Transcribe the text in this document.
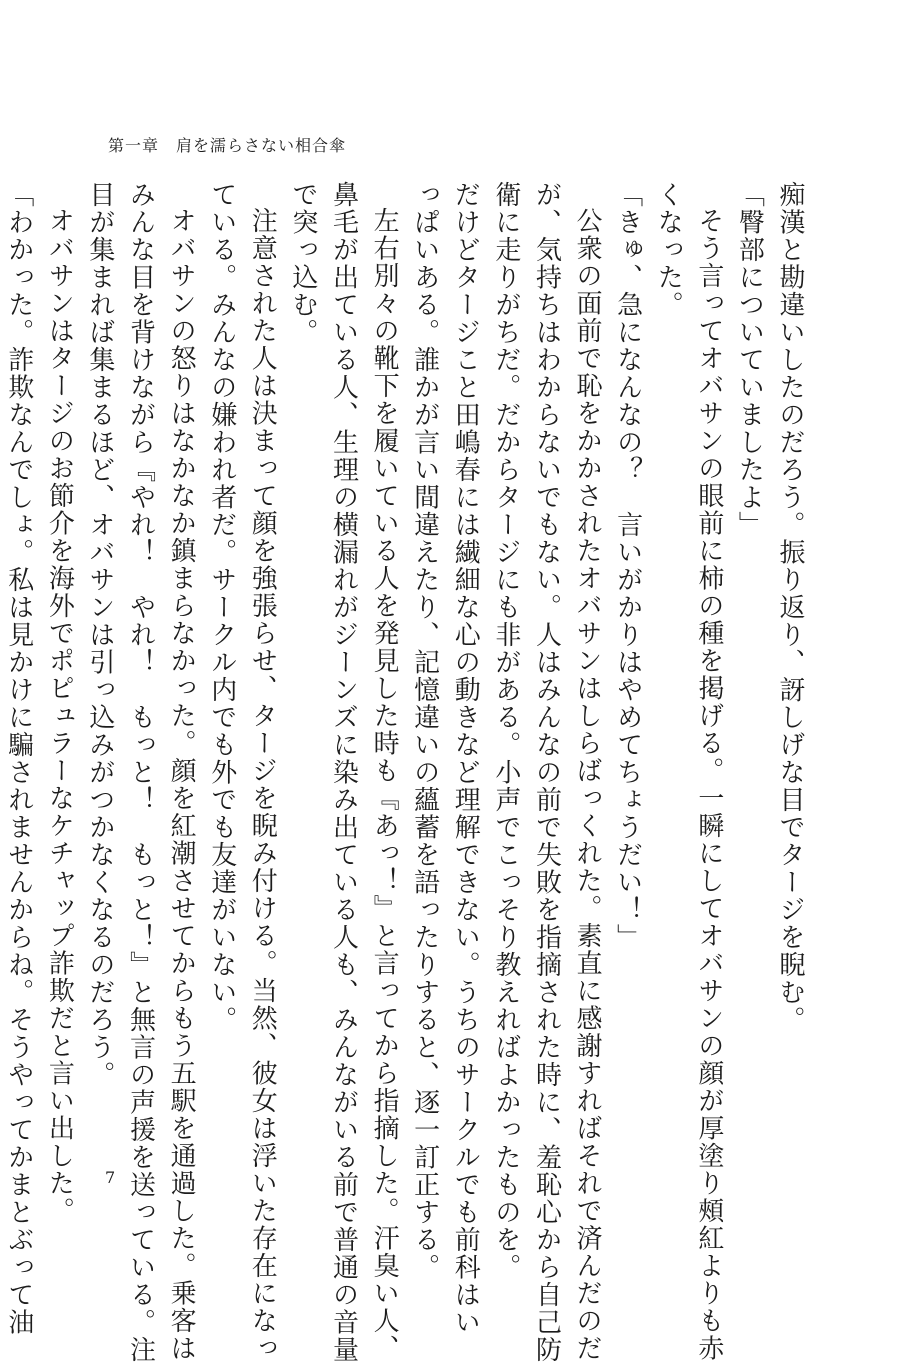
第一章　 肩を濡らさない相合傘
痴漢と勘違いしたのだろう。振り返り、訝しげな目でタージを睨む。
「臀部についていましたよ」
そう言ってオバサンの眼前に柿の種を掲げる。一瞬にしてオバサンの顔が厚塗り頰紅よりも赤
くなった。
「きゅ、急になんなの？　言いがかりはやめてちょうだい！」
公衆の面前で恥をかかされたオバサンはしらばっくれた。素直に感謝すればそれで済んだのだ
が、気持ちはわからないでもない。人はみんなの前で失敗を指摘された時に、羞恥心から自己防
衛に走りがちだ。だからタージにも非がある。小声でこっそり教えればよかったものを。
だけどタージこと田嶋春には繊細な心の動きなど理解できない。うちのサークルでも前科はい
っぱいある。誰かが言い間違えたり、記憶違いの蘊蓄を語ったりすると、逐一訂正する。
左右別々の靴下を履いている人を発見した時も『あっ！』と言ってから指摘した。汗臭い人、
鼻毛が出ている人、生理の横漏れがジーンズに染み出ている人も、みんながいる前で普通の音量
で突っ込む。
注意された人は決まって顔を強張らせ、タージを睨み付ける。当然、彼女は浮いた存在になっ
ている。みんなの嫌われ者だ。サークル内でも外でも友達がいない。
オバサンの怒りはなかなか鎮まらなかった。顔を紅潮させてからもう五駅を通過した。乗客は
みんな目を背けながら『やれ！　やれ！　もっと！　もっと！』と無言の声援を送っている。注
目が集まれば集まるほど、オバサンは引っ込みがつかなくなるのだろう。
オバサンはタージのお節介を海外でポピュラーなケチャップ詐欺だと言い出した。
「わかった。詐欺なんでしょ。私は見かけに騙されませんからね。そうやってかまとぶって油	7
